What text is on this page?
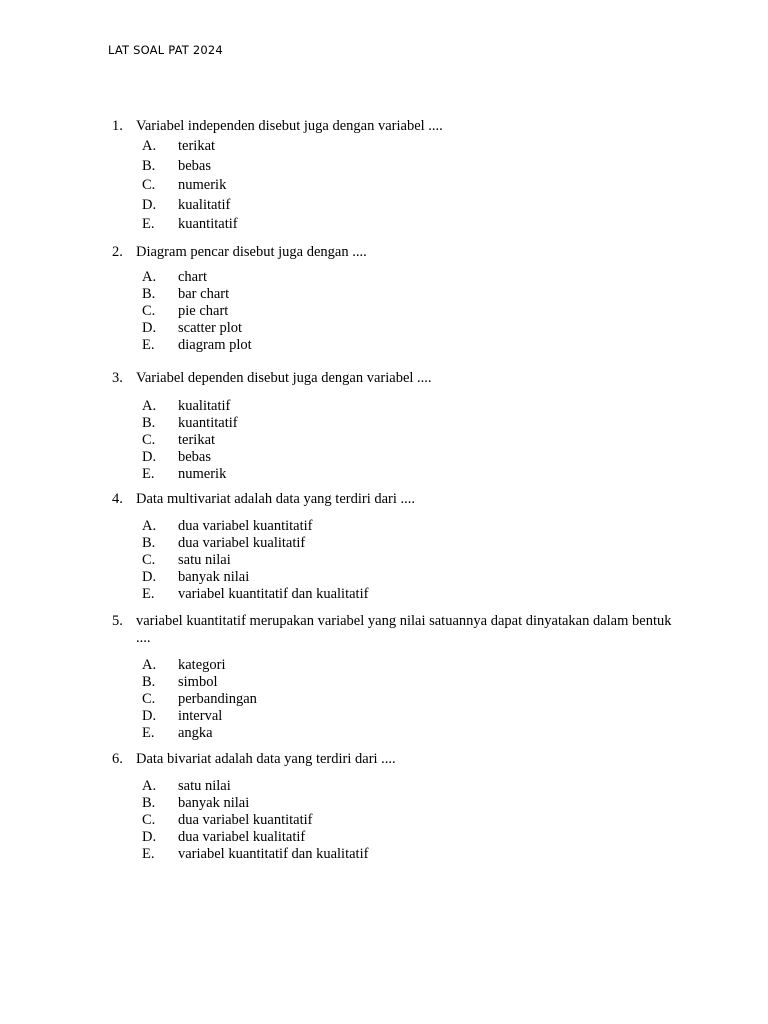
LAT SOAL PAT 2024
1. Variabel independen disebut juga dengan variabel ....
A.	terikat
B.	bebas
C.	numerik
D.	kualitatif
E.	kuantitatif
2. Diagram pencar disebut juga dengan ....
A.	chart
B.	bar chart
C.	pie chart
D.	scatter plot
E.	diagram plot
3. Variabel dependen disebut juga dengan variabel ....
A.	kualitatif
B.	kuantitatif
C.	terikat
D.	bebas
E.	numerik
4. Data multivariat adalah data yang terdiri dari ....
A.	dua variabel kuantitatif
B.	dua variabel kualitatif
C.	satu nilai
D.	banyak nilai
E.	variabel kuantitatif dan kualitatif
5. variabel kuantitatif merupakan variabel yang nilai satuannya dapat dinyatakan dalam bentuk ....
A.	kategori
B.	simbol
C.	perbandingan
D.	interval
E.	angka
6. Data bivariat adalah data yang terdiri dari ....
A.	satu nilai
B.	banyak nilai
C.	dua variabel kuantitatif
D.	dua variabel kualitatif
E.	variabel kuantitatif dan kualitatif
